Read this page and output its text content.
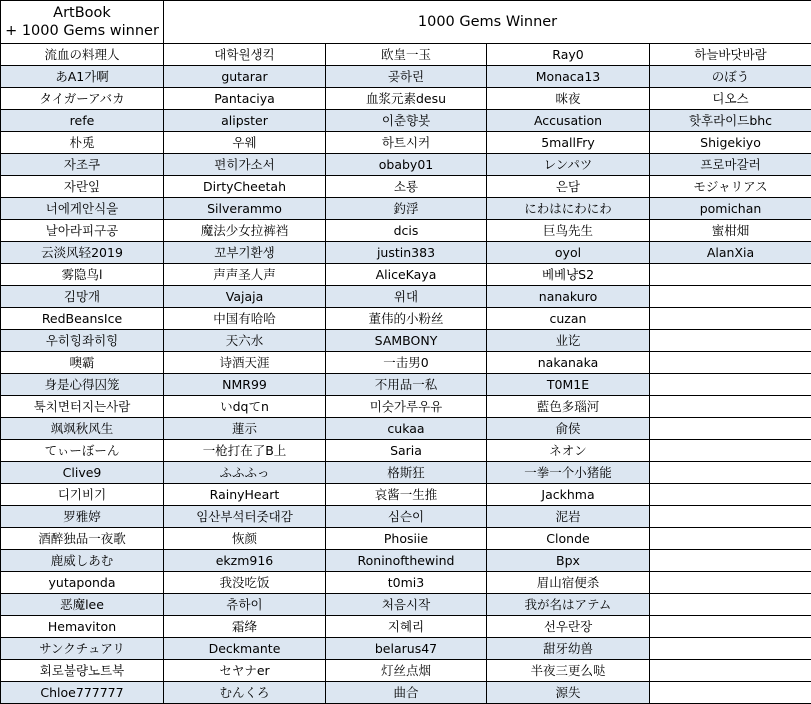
ArtBook
+ 1000 Gems winner	1000 Gems Winner			
流血の料理人	대학원생킥	欧皇一玉	Ray0	하늘바닷바람
あA1가啊	gutarar	곶하린	Monaca13	のぼう
タイガーアバカ	Pantaciya	血浆元素desu	咪夜	디오스
refe	alipster	이춘향봇	Accusation	핫후라이드bhc
朴兎	우웨	하트시커	5mallFry	Shigekiyo
자조쿠	편히가소서	obaby01	レンパツ	프로마갈러
자란잎	DirtyCheetah	소룡	은담	モジャリアス
너에게안식을	Silverammo	釣浮	にわはにわにわ	pomichan
날아라피구공	魔法少女拉裤裆	dcis	巨鸟先生	蜜柑畑
云淡风轻2019	꼬부기환생	justin383	oyol	AlanXia
雾隐鸟l	声声圣人声	AliceKaya	베베냥S2	
김망개	Vajaja	위대	nanakuro	
RedBeansIce	中国有哈哈	董伟的小粉丝	cuzan	
우히힝좌히힝	天六水	SAMBONY	业讫	
噢霸	诗酒天涯	一击男0	nakanaka	
身是心得囚笼	NMR99	不用品一私	T0M1E	
툭치면터지는사람	いdqてn	미숫가루우유	藍色多瑙河	
飒飒秋风生	蓮示	cukaa	俞侯	
てぃーぼーん	一枪打在了B上	Saria	ネオン	
Clive9	ふふふっ	格斯狂	一拳一个小猪能	
디기비기	RainyHeart	哀酱一生推	Jackhma	
罗雅婷	임산부석터줏대감	심슨이	泥岩	
酒醉独品一夜歌	恢颜	Phosiie	Clonde	
鹿威しあむ	ekzm916	Roninofthewind	Bpx	
yutaponda	我没吃饭	t0mi3	眉山宿便杀	
恶魔lee	츄하이	처음시작	我が名はアテム	
Hemaviton	霜绛	지혜리	선우란장	
サンクチュアリ	Deckmante	belarus47	甜牙幼兽	
회로불량노트북	セヤナer	灯丝点烟	半夜三更么哒	
Chloe777777	むんくろ	曲合	源失	
